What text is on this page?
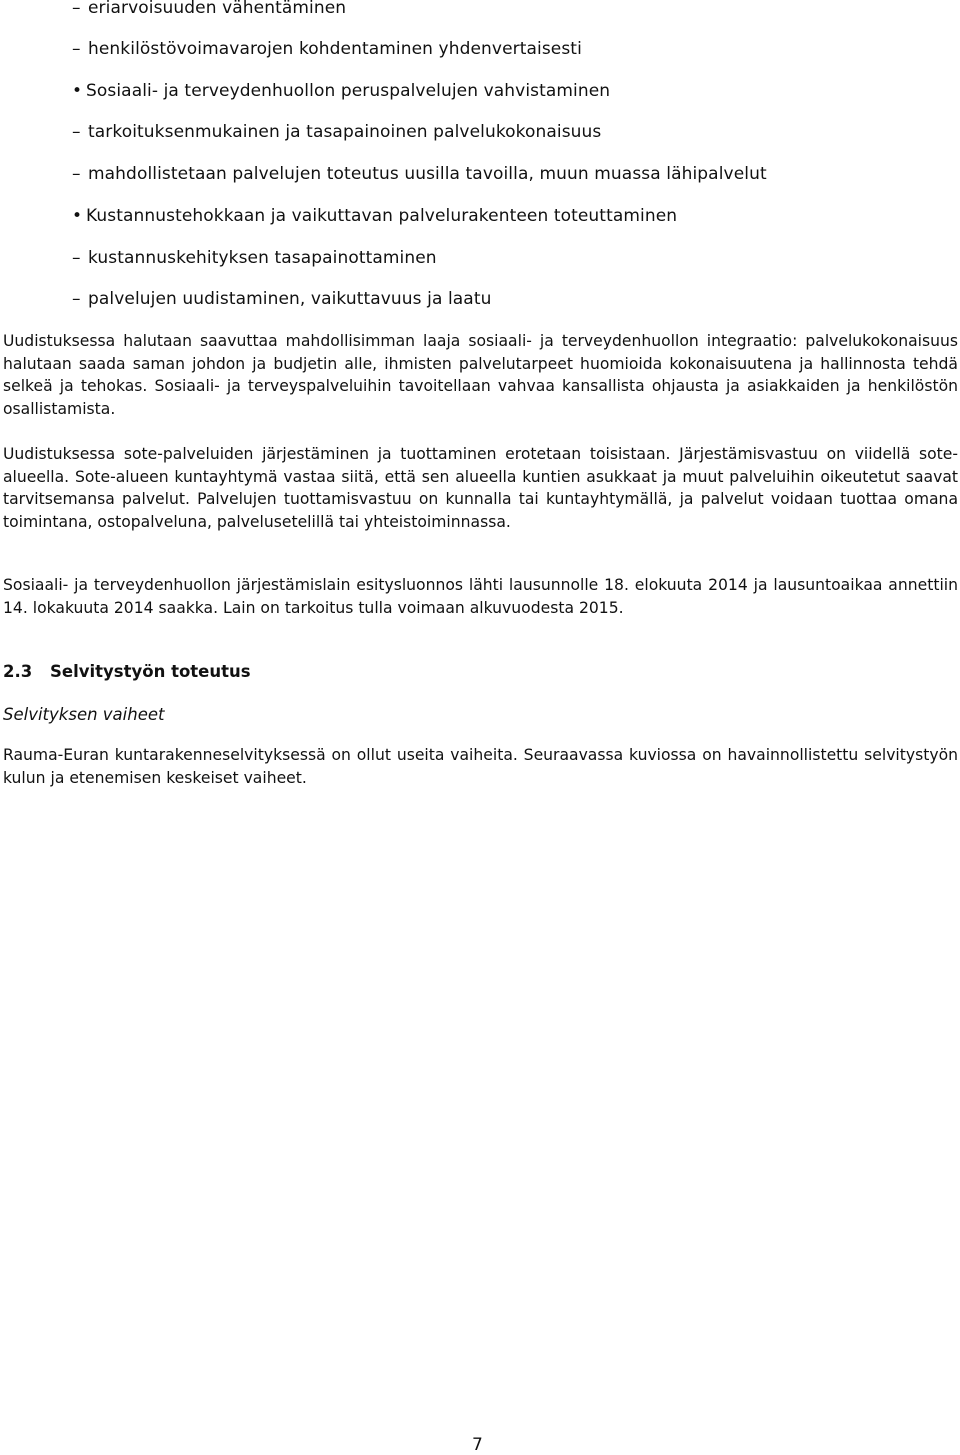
– eriarvoisuuden vähentäminen
– henkilöstövoimavarojen kohdentaminen yhdenvertaisesti
• Sosiaali- ja terveydenhuollon peruspalvelujen vahvistaminen
– tarkoituksenmukainen ja tasapainoinen palvelukokonaisuus
– mahdollistetaan palvelujen toteutus uusilla tavoilla, muun muassa lähipalvelut
• Kustannustehokkaan ja vaikuttavan palvelurakenteen toteuttaminen
– kustannuskehityksen tasapainottaminen
– palvelujen uudistaminen, vaikuttavuus ja laatu

Uudistuksessa halutaan saavuttaa mahdollisimman laaja sosiaali- ja terveydenhuollon integraatio: palvelukokonaisuus halutaan saada saman johdon ja budjetin alle, ihmisten palvelutarpeet huomioida kokonaisuutena ja hallinnosta tehdä selkeä ja tehokas. Sosiaali- ja terveyspalveluihin tavoitellaan vahvaa kansallista ohjausta ja asiakkaiden ja henkilöstön osallistamista.

Uudistuksessa sote-palveluiden järjestäminen ja tuottaminen erotetaan toisistaan. Järjestämisvastuu on viidellä sote-alueella. Sote-alueen kuntayhtymä vastaa siitä, että sen alueella kuntien asukkaat ja muut palveluihin oikeutetut saavat tarvitsemansa palvelut. Palvelujen tuottamisvastuu on kunnalla tai kuntayhtymällä, ja palvelut voidaan tuottaa omana toimintana, ostopalveluna, palvelusetelillä tai yhteistoiminnassa.

Sosiaali- ja terveydenhuollon järjestämislain esitysluonnos lähti lausunnolle 18. elokuuta 2014 ja lausuntoaikaa annettiin 14. lokakuuta 2014 saakka. Lain on tarkoitus tulla voimaan alkuvuodesta 2015.

2.3 Selvitystyön toteutus
Selvityksen vaiheet

Rauma-Euran kuntarakenneselvityksessä on ollut useita vaiheita. Seuraavassa kuviossa on havainnollistettu selvitystyön kulun ja etenemisen keskeiset vaiheet.

7
